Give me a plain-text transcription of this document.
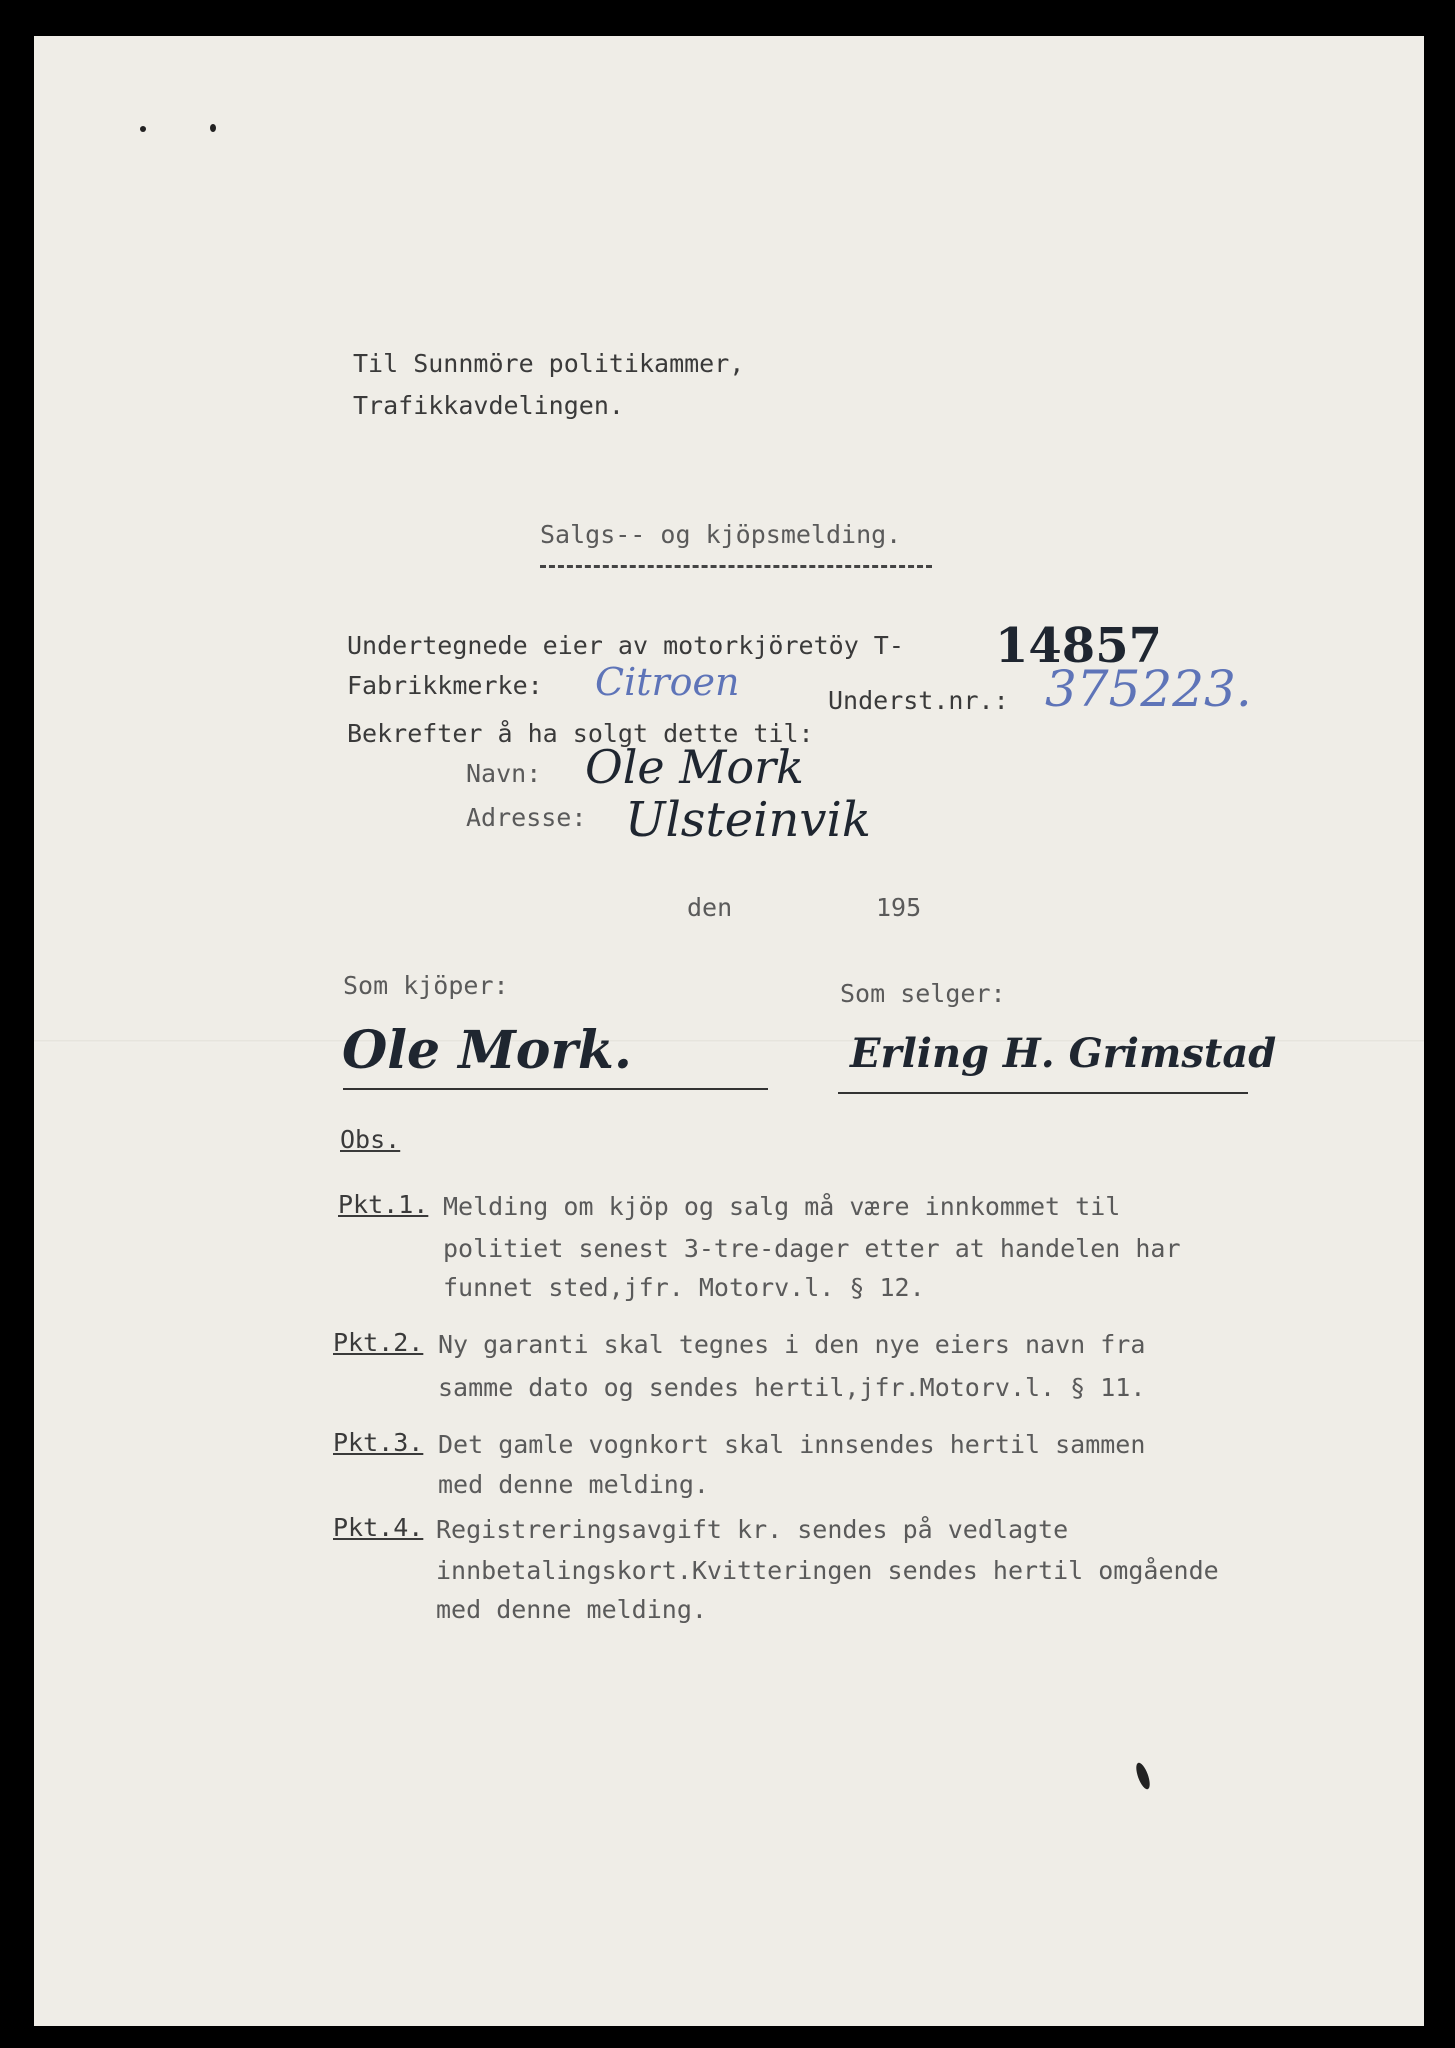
Til Sunnmöre politikammer,
Trafikkavdelingen.
Salgs-- og kjöpsmelding.
Undertegnede eier av motorkjöretöy T- 14857
Fabrikkmerke: Citroen	Underst.nr.: 375223.
Bekrefter å ha solgt dette til:
Navn: Ole Mork
Adresse: Ulsteinvik
den	195
Som kjöper:	Som selger:
Ole Mork.	Erling H. Grimstad
Obs.
Pkt.1. Melding om kjöp og salg må være innkommet til
politiet senest 3-tre-dager etter at handelen har
funnet sted,jfr. Motorv.l. § 12.
Pkt.2. Ny garanti skal tegnes i den nye eiers navn fra
samme dato og sendes hertil,jfr.Motorv.l. § 11.
Pkt.3. Det gamle vognkort skal innsendes hertil sammen
med denne melding.
Pkt.4. Registreringsavgift kr. sendes på vedlagte
innbetalingskort.Kvitteringen sendes hertil omgående
med denne melding.
